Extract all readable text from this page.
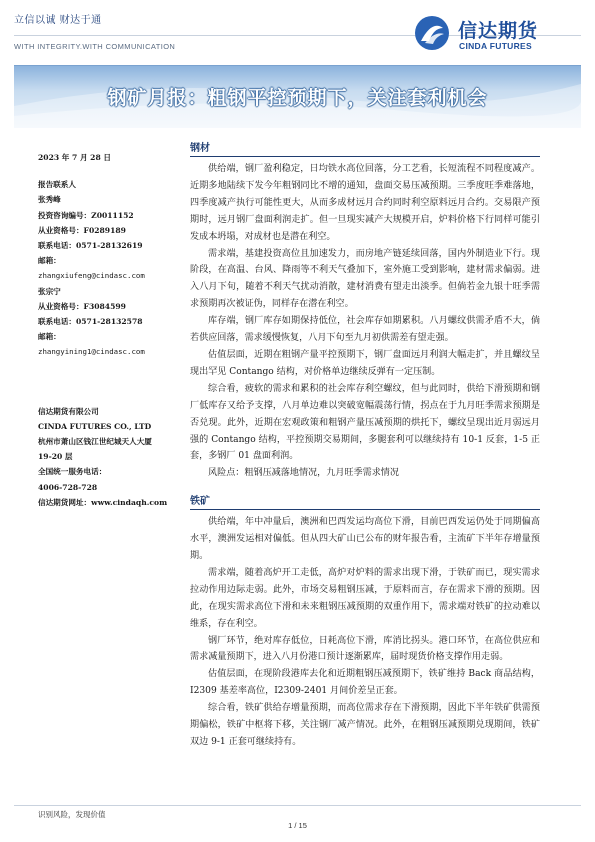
立信以诚 财达于通
WITH INTEGRITY.WITH COMMUNICATION
信达期货
CINDA FUTURES
钢矿月报：粗钢平控预期下，关注套利机会
2023 年 7 月 28 日
报告联系人
张秀峰
投资咨询编号：Z0011152
从业资格号：F0289189
联系电话：0571-28132619
邮箱：
zhangxiufeng@cindasc.com
张宗宁
从业资格号：F3084599
联系电话：0571-28132578
邮箱：
zhangyining1@cindasc.com
信达期货有限公司
CINDA FUTURES CO., LTD
杭州市萧山区钱江世纪城天人大厦
19-20 层
全国统一服务电话：
4006-728-728
信达期货网址：www.cindaqh.com
钢材

供给端，钢厂盈利稳定，日均铁水高位回落，分工艺看，长短流程不同程度减产。近期多地陆续下发今年粗钢同比不增的通知，盘面交易压减预期。三季度旺季难落地，四季度减产执行可能性更大，从而多成材远月合约同时利空原料远月合约。交易限产预期时，远月钢厂盘面利润走扩。但一旦现实减产大规模开启，炉料价格下行同样可能引发成本坍塌，对成材也是潜在利空。

需求端，基建投资高位且加速发力，而房地产链延续回落，国内外制造业下行。现阶段，在高温、台风、降雨等不利天气叠加下，室外施工受到影响，建材需求偏弱。进入八月下旬，随着不利天气扰动消散，建材消费有望走出淡季。但倘若金九银十旺季需求预期再次被证伪，同样存在潜在利空。

库存端，钢厂库存如期保持低位，社会库存如期累积。八月螺纹供需矛盾不大，倘若供应回落，需求缓慢恢复，八月下旬至九月初供需差有望走强。

估值层面，近期在粗钢产量平控预期下，钢厂盘面远月利润大幅走扩，并且螺纹呈现出罕见 Contango 结构，对价格单边继续反弹有一定压制。

综合看，疲软的需求和累积的社会库存利空螺纹，但与此同时，供给下滑预期和钢厂低库存又给予支撑，八月单边难以突破宽幅震荡行情，拐点在于九月旺季需求预期是否兑现。此外，近期在宏观政策和粗钢产量压减预期的烘托下，螺纹呈现出近月弱远月强的 Contango 结构，平控预期交易期间，多腿套利可以继续持有 10-1 反套，1-5 正套，多钢厂 01 盘面利润。

风险点：粗钢压减落地情况，九月旺季需求情况

铁矿

供给端，年中冲量后，澳洲和巴西发运均高位下滑，目前巴西发运仍处于同期偏高水平，澳洲发运相对偏低。但从四大矿山已公布的财年报告看，主流矿下半年存增量预期。

需求端，随着高炉开工走低，高炉对炉料的需求出现下滑，于铁矿而已，现实需求拉动作用边际走弱。此外，市场交易粗钢压减，于原料而言，存在需求下滑的预期。因此，在现实需求高位下滑和未来粗钢压减预期的双重作用下，需求端对铁矿的拉动难以维系，存在利空。

钢厂环节，绝对库存低位，日耗高位下滑，库消比拐头。港口环节，在高位供应和需求减量预期下，进入八月份港口预计逐渐累库，届时现货价格支撑作用走弱。

估值层面，在现阶段港库去化和近期粗钢压减预期下，铁矿维持 Back 商品结构，I2309 基差率高位，I2309-2401 月间价差呈正套。

综合看，铁矿供给存增量预期，而高位需求存在下滑预期，因此下半年铁矿供需预期偏松，铁矿中枢将下移，关注钢厂减产情况。此外，在粗钢压减预期兑现期间，铁矿双边 9-1 正套可继续持有。

识别风险，发现价值
1 / 15
